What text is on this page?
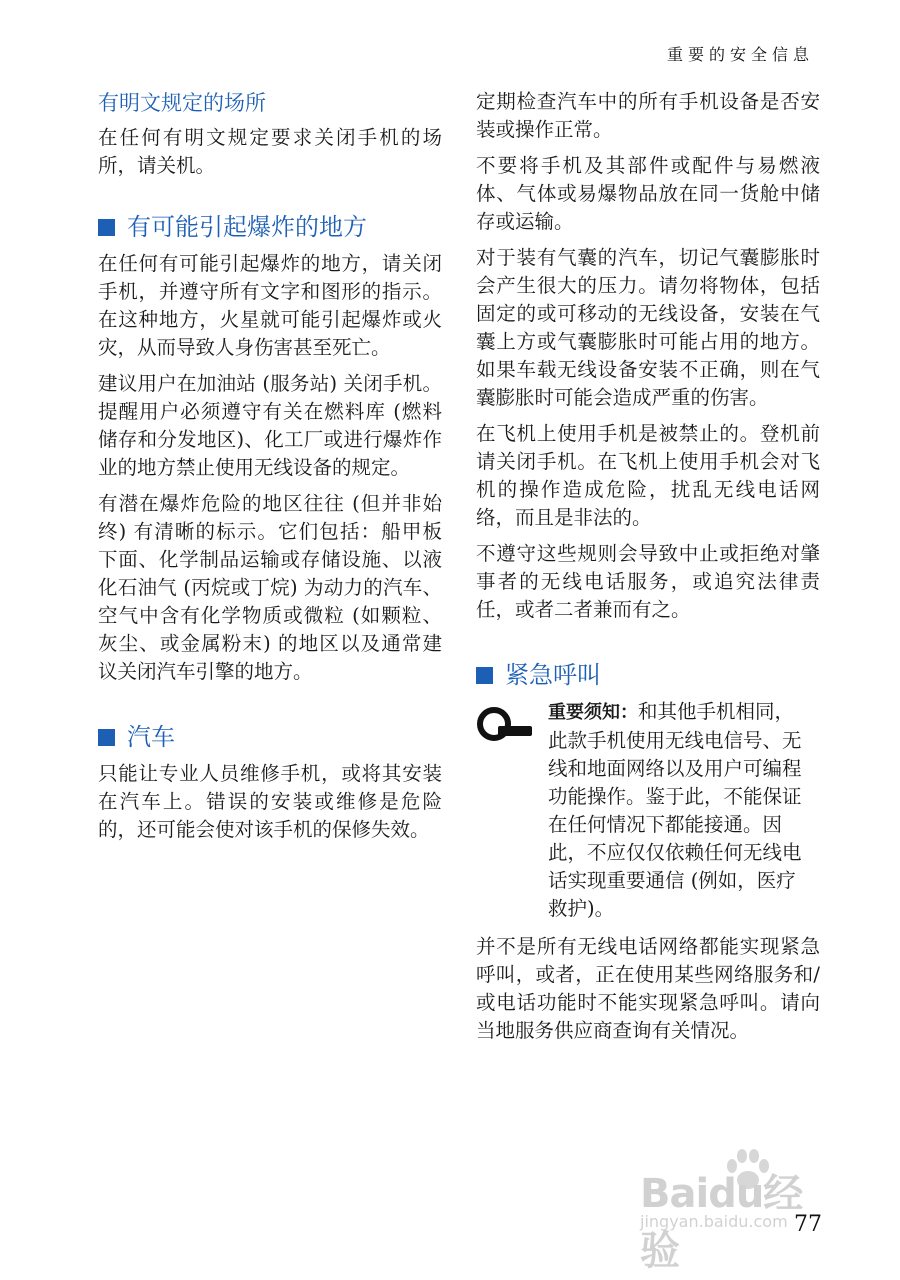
重要的安全信息
有明文规定的场所

在任何有明文规定要求关闭手机的场所，请关机。

有可能引起爆炸的地方

在任何有可能引起爆炸的地方，请关闭手机，并遵守所有文字和图形的指示。在这种地方，火星就可能引起爆炸或火灾，从而导致人身伤害甚至死亡。

建议用户在加油站 (服务站) 关闭手机。提醒用户必须遵守有关在燃料库 (燃料储存和分发地区)、化工厂或进行爆炸作业的地方禁止使用无线设备的规定。

有潜在爆炸危险的地区往往 (但并非始终) 有清晰的标示。它们包括：船甲板下面、化学制品运输或存储设施、以液化石油气 (丙烷或丁烷) 为动力的汽车、空气中含有化学物质或微粒 (如颗粒、灰尘、或金属粉末) 的地区以及通常建议关闭汽车引擎的地方。

汽车

只能让专业人员维修手机，或将其安装在汽车上。错误的安装或维修是危险的，还可能会使对该手机的保修失效。

定期检查汽车中的所有手机设备是否安装或操作正常。

不要将手机及其部件或配件与易燃液体、气体或易爆物品放在同一货舱中储存或运输。

对于装有气囊的汽车，切记气囊膨胀时会产生很大的压力。请勿将物体，包括固定的或可移动的无线设备，安装在气囊上方或气囊膨胀时可能占用的地方。如果车载无线设备安装不正确，则在气囊膨胀时可能会造成严重的伤害。

在飞机上使用手机是被禁止的。登机前请关闭手机。在飞机上使用手机会对飞机的操作造成危险，扰乱无线电话网络，而且是非法的。

不遵守这些规则会导致中止或拒绝对肇事者的无线电话服务，或追究法律责任，或者二者兼而有之。

紧急呼叫
重要须知：和其他手机相同，此款手机使用无线电信号、无线和地面网络以及用户可编程功能操作。鉴于此，不能保证在任何情况下都能接通。因此，不应仅仅依赖任何无线电话实现重要通信 (例如，医疗救护)。

并不是所有无线电话网络都能实现紧急呼叫，或者，正在使用某些网络服务和/或电话功能时不能实现紧急呼叫。请向当地服务供应商查询有关情况。

77
Baidu经验
jingyan.baidu.com
